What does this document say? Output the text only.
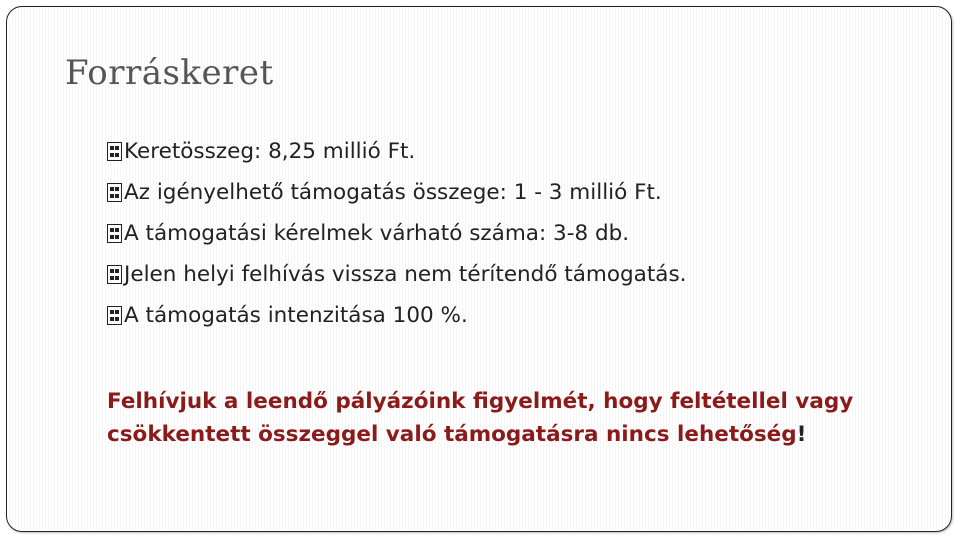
Forráskeret
Keretösszeg: 8,25 millió Ft.
Az igényelhető támogatás összege: 1 - 3 millió Ft.
A támogatási kérelmek várható száma: 3-8 db.
Jelen helyi felhívás vissza nem térítendő támogatás.
A támogatás intenzitása 100 %.
Felhívjuk a leendő pályázóink figyelmét, hogy feltétellel vagy csökkentett összeggel való támogatásra nincs lehetőség!
